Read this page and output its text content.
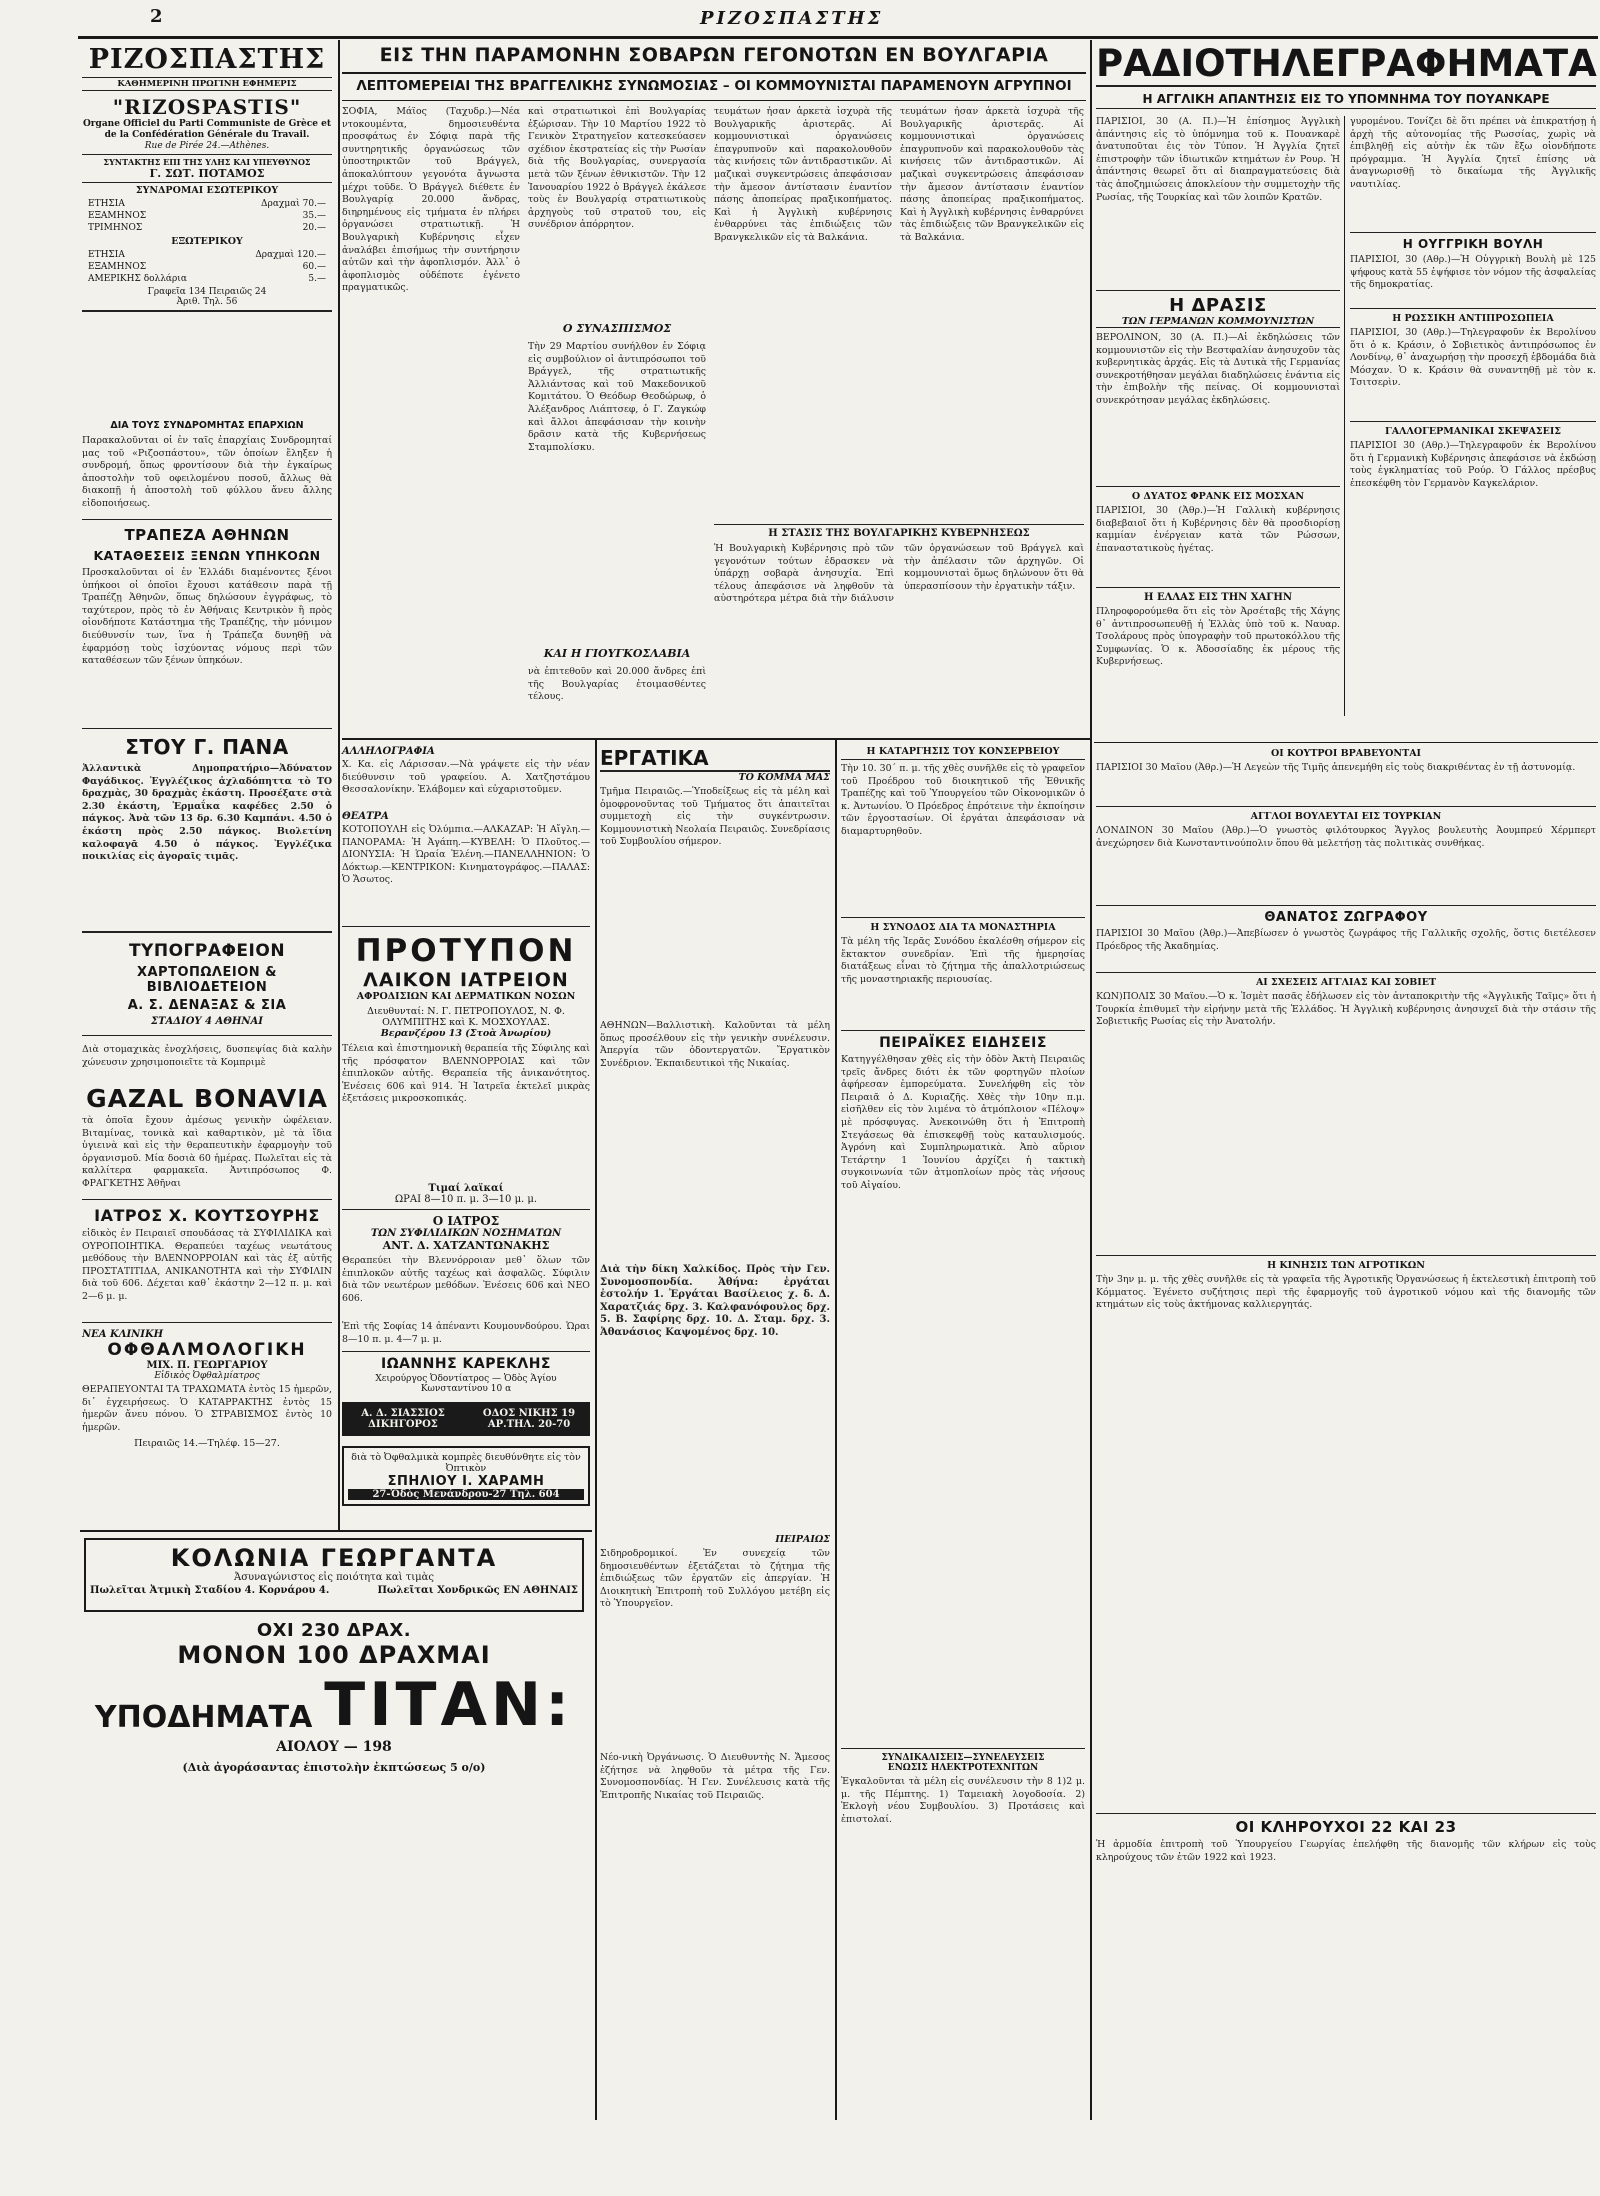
2	ΡΙΖΟΣΠΑΣΤΗΣ
ΡΙΖΟΣΠΑΣΤΗΣ
ΚΑΘΗΜΕΡΙΝΗ ΠΡΩΓΙΝΗ ΕΦΗΜΕΡΙΣ
"RIZOSPASTIS"
Organe Officiel du Parti Communiste de Grèce et de la Confédération Générale du Travail.
Rue de Pirée 24.—Athènes.
ΣΥΝΤΑΚΤΗΣ ΕΠΙ ΤΗΣ ΥΛΗΣ ΚΑΙ ΥΠΕΥΘΥΝΟΣ
Γ. ΣΩΤ. ΠΟΤΑΜΟΣ
ΣΥΝΔΡΟΜΑΙ ΕΣΩΤΕΡΙΚΟΥ
ΕΤΗΣΙΑ	Δραχμαὶ 70.—
ΕΞΑΜΗΝΟΣ	35.—
ΤΡΙΜΗΝΟΣ	20.—
ΕΞΩΤΕΡΙΚΟΥ
ΕΤΗΣΙΑ	Δραχμαὶ 120.—
ΕΞΑΜΗΝΟΣ	60.—
ΑΜΕΡΙΚΗΣ δολλάρια	5.—
Γραφεῖα 134 Πειραιῶς 24
Ἀριθ. Τηλ. 56
ΔΙΑ ΤΟΥΣ ΣΥΝΔΡΟΜΗΤΑΣ ΕΠΑΡΧΙΩΝ
Παρακαλοῦνται οἱ ἐν ταῖς ἐπαρχίαις Συνδρομηταί μας τοῦ «Ριζοσπάστου», τῶν ὁποίων ἔληξεν ἡ συνδρομή, ὅπως φροντίσουν διὰ τὴν ἐγκαίρως ἀποστολὴν τοῦ οφειλομένου ποσοῦ, ἄλλως θὰ διακοπῇ ἡ ἀποστολὴ τοῦ φύλλου ἄνευ ἄλλης εἰδοποιήσεως.
ΤΡΑΠΕΖΑ ΑΘΗΝΩΝ
ΚΑΤΑΘΕΣΕΙΣ ΞΕΝΩΝ ΥΠΗΚΟΩΝ
Προσκαλοῦνται οἱ ἐν Ἑλλάδι διαμένοντες ξένοι ὑπήκοοι οἱ ὁποῖοι ἔχουσι κατάθεσιν παρὰ τῇ Τραπέζῃ Ἀθηνῶν, ὅπως δηλώσουν ἐγγράφως, τὸ ταχύτερον, πρὸς τὸ ἐν Ἀθήναις Κεντρικὸν ἢ πρὸς οἱονδήποτε Κατάστημα τῆς Τραπέζης, τὴν μόνιμον διεύθυνσίν των, ἵνα ἡ Τράπεζα δυνηθῇ νὰ ἐφαρμόσῃ τοὺς ἰσχύοντας νόμους περὶ τῶν καταθέσεων τῶν ξένων ὑπηκόων.
ΣΤΟΥ Γ. ΠΑΝΑ
Ἀλλαντικὰ Δημοπρατήριο—Ἀδύνατον Φαγάδικος. Ἐγγλέζικος ἀχλαδόπηττα τὸ ΤΟ δραχμὰς, 30 δραχμὰς ἑκάστη. Προσέξατε στὰ 2.30 ἐκάστη, Ἑρμαΐκα καφέδες 2.50 ὁ πάγκος. Ἀνὰ τῶν 13 δρ. 6.30 Καμπάνι. 4.50 ὁ ἑκάστη πρὸς 2.50 πάγκος. Βιολετίνη καλοφαγᾶ 4.50 ὁ πάγκος. Ἐγγλέζικα ποικιλίας εἰς ἀγοραῖς τιμᾶς.
ΤΥΠΟΓΡΑΦΕΙΟΝ
ΧΑΡΤΟΠΩΛΕΙΟΝ & ΒΙΒΛΙΟΔΕΤΕΙΟΝ
Α. Σ. ΔΕΝΑΞΑΣ & ΣΙΑ
ΣΤΑΔΙΟΥ 4 ΑΘΗΝΑΙ
Διὰ στομαχικὰς ἐνοχλήσεις, δυσπεψίας διὰ καλὴν χώνευσιν χρησιμοποιεῖτε τὰ Κομπριμὲ
GAZAL BONAVIA
τὰ ὁποῖα ἔχουν ἀμέσως γενικὴν ὠφέλειαν. Βιταμίνας, τονικὰ καὶ καθαρτικὸν, μὲ τὰ ἴδια ὑγιεινὰ καὶ εἰς τὴν θεραπευτικὴν ἐφαρμογὴν τοῦ ὀργανισμοῦ. Μία δοσιὰ 60 ἡμέρας. Πωλεῖται εἰς τὰ καλλίτερα φαρμακεῖα. Ἀντιπρόσωπος Φ. ΦΡΑΓΚΕΤΗΣ Ἀθῆναι
ΙΑΤΡΟΣ Χ. ΚΟΥΤΣΟΥΡΗΣ
εἰδικὸς ἐν Πειραιεῖ σπουδάσας τὰ ΣΥΦΙΛΙΔΙΚΑ καὶ ΟΥΡΟΠΟΙΗΤΙΚΑ. Θεραπεύει ταχέως νεωτάτους μεθόδους τὴν ΒΛΕΝΝΟΡΡΟΙΑΝ καὶ τὰς ἐξ αὐτῆς ΠΡΟΣΤΑΤΙΤΙΔΑ, ΑΝΙΚΑΝΟΤΗΤΑ καὶ τὴν ΣΥΦΙΛΙΝ διὰ τοῦ 606. Δέχεται καθ᾽ ἑκάστην 2—12 π. μ. καὶ 2—6 μ. μ.
ΝΕΑ ΚΛΙΝΙΚΗ
ΟΦΘΑΛΜΟΛΟΓΙΚΗ
ΜΙΧ. Π. ΓΕΩΡΓΑΡΙΟΥ
Εἰδικὸς Ὀφθαλμίατρος
ΘΕΡΑΠΕΥΟΝΤΑΙ ΤΑ ΤΡΑΧΩΜΑΤΑ ἐντὸς 15 ἡμερῶν, δι᾽ ἐγχειρήσεως. Ὁ ΚΑΤΑΡΡΑΚΤΗΣ ἐντὸς 15 ἡμερῶν ἄνευ πόνου. Ὁ ΣΤΡΑΒΙΣΜΟΣ ἐντὸς 10 ἡμερῶν.
Πειραιῶς 14.—Τηλέφ. 15—27.
ΕΙΣ ΤΗΝ ΠΑΡΑΜΟΝΗΝ ΣΟΒΑΡΩΝ ΓΕΓΟΝΟΤΩΝ ΕΝ ΒΟΥΛΓΑΡΙΑ
ΛΕΠΤΟΜΕΡΕΙΑΙ ΤΗΣ ΒΡΑΓΓΕΛΙΚΗΣ ΣΥΝΩΜΟΣΙΑΣ – ΟΙ ΚΟΜΜΟΥΝΙΣΤΑΙ ΠΑΡΑΜΕΝΟΥΝ ΑΓΡΥΠΝΟΙ
ΣΟΦΙΑ, Μάϊος (Ταχυδρ.)—Νέα ντοκουμέντα, δημοσιευθέντα προσφάτως ἐν Σόφιᾳ παρὰ τῆς συντηρητικῆς ὀργανώσεως τῶν ὑποστηρικτῶν τοῦ Βράγγελ, ἀποκαλύπτουν γεγονότα ἄγνωστα μέχρι τοῦδε. Ὁ Βράγγελ διέθετε ἐν Βουλγαρίᾳ 20.000 ἄνδρας, διηρημένους εἰς τμήματα ἐν πλήρει ὀργανώσει στρατιωτικῇ. Ἡ Βουλγαρικὴ Κυβέρνησις εἶχεν ἀναλάβει ἐπισήμως τὴν συντήρησιν αὐτῶν καὶ τὴν ἀφοπλισμόν. Ἀλλ᾽ ὁ ἀφοπλισμὸς οὐδέποτε ἐγένετο πραγματικῶς.
καὶ στρατιωτικοὶ ἐπὶ Βουλγαρίας ἐξώρισαν. Τὴν 10 Μαρτίου 1922 τὸ Γενικὸν Στρατηγεῖον κατεσκεύασεν σχέδιον ἐκστρατείας εἰς τὴν Ρωσίαν διὰ τῆς Βουλγαρίας, συνεργασία μετὰ τῶν ξένων ἐθνικιστῶν. Τὴν 12 Ἰανουαρίου 1922 ὁ Βράγγελ ἐκάλεσε τοὺς ἐν Βουλγαρίᾳ στρατιωτικοὺς ἀρχηγοὺς τοῦ στρατοῦ του, εἰς συνέδριον ἀπόρρητον.
Ο ΣΥΝΑΣΠΙΣΜΟΣ
Τὴν 29 Μαρτίου συνήλθον ἐν Σόφιᾳ εἰς συμβούλιον οἱ ἀντιπρόσωποι τοῦ Βράγγελ, τῆς στρατιωτικῆς Ἀλλιάντσας καὶ τοῦ Μακεδονικοῦ Κομιτάτου. Ὁ Θεόδωρ Θεοδώρωφ, ὁ Ἀλέξανδρος Λιάπτσεφ, ὁ Γ. Ζαγκώφ καὶ ἄλλοι ἀπεφάσισαν τὴν κοινὴν δρᾶσιν κατὰ τῆς Κυβερνήσεως Σταμπολίσκυ.
ΚΑΙ Η ΓΙΟΥΓΚΟΣΛΑΒΙΑ
νὰ ἐπιτεθοῦν καὶ 20.000 ἄνδρες ἐπὶ τῆς Βουλγαρίας ἐτοιμασθέντες τέλους.
τευμάτων ἦσαν ἀρκετὰ ἰσχυρὰ τῆς Βουλγαρικῆς ἀριστερᾶς. Αἱ κομμουνιστικαὶ ὀργανώσεις ἐπαγρυπνοῦν καὶ παρακολουθοῦν τὰς κινήσεις τῶν ἀντιδραστικῶν. Αἱ μαζικαὶ συγκεντρώσεις ἀπεφάσισαν τὴν ἄμεσον ἀντίστασιν ἐναντίον πάσης ἀποπείρας πραξικοπήματος. Καὶ ἡ Ἀγγλικὴ κυβέρνησις ἐνθαρρύνει τὰς ἐπιδιώξεις τῶν Βρανγκελικῶν εἰς τὰ Βαλκάνια.
τευμάτων ἦσαν ἀρκετὰ ἰσχυρὰ τῆς Βουλγαρικῆς ἀριστερᾶς. Αἱ κομμουνιστικαὶ ὀργανώσεις ἐπαγρυπνοῦν καὶ παρακολουθοῦν τὰς κινήσεις τῶν ἀντιδραστικῶν. Αἱ μαζικαὶ συγκεντρώσεις ἀπεφάσισαν τὴν ἄμεσον ἀντίστασιν ἐναντίον πάσης ἀποπείρας πραξικοπήματος. Καὶ ἡ Ἀγγλικὴ κυβέρνησις ἐνθαρρύνει τὰς ἐπιδιώξεις τῶν Βρανγκελικῶν εἰς τὰ Βαλκάνια.
Η ΣΤΑΣΙΣ ΤΗΣ ΒΟΥΛΓΑΡΙΚΗΣ ΚΥΒΕΡΝΗΣΕΩΣ
Ἡ Βουλγαρικὴ Κυβέρνησις πρὸ τῶν γεγονότων τούτων ἐδρασκεν νὰ ὑπάρχῃ σοβαρὰ ἀνησυχία. Ἐπὶ τέλους ἀπεφάσισε νὰ ληφθοῦν τὰ αὐστηρότερα μέτρα διὰ τὴν διάλυσιν τῶν ὀργανώσεων τοῦ Βράγγελ καὶ τὴν ἀπέλασιν τῶν ἀρχηγῶν. Οἱ κομμουνισταὶ ὅμως δηλώνουν ὅτι θὰ ὑπερασπίσουν τὴν ἐργατικὴν τάξιν.
ΡΑΔΙΟΤΗΛΕΓΡΑΦΗΜΑΤΑ
Η ΑΓΓΛΙΚΗ ΑΠΑΝΤΗΣΙΣ ΕΙΣ ΤΟ ΥΠΟΜΝΗΜΑ ΤΟΥ ΠΟΥΑΝΚΑΡΕ
ΠΑΡΙΣΙΟΙ, 30 (Α. Π.)—Ἡ ἐπίσημος Ἀγγλικὴ ἀπάντησις εἰς τὸ ὑπόμνημα τοῦ κ. Πουανκαρὲ ἀνατυποῦται ἐις τὸν Τύπον. Ἡ Ἀγγλία ζητεῖ ἐπιστροφὴν τῶν ἰδιωτικῶν κτημάτων ἐν Ρουρ. Ἡ ἀπάντησις θεωρεῖ ὅτι αἱ διαπραγματεύσεις διὰ τὰς ἀποζημιώσεις ἀποκλείουν τὴν συμμετοχὴν τῆς Ρωσίας, τῆς Τουρκίας καὶ τῶν λοιπῶν Κρατῶν.
Η ΔΡΑΣΙΣ
ΤΩΝ ΓΕΡΜΑΝΩΝ ΚΟΜΜΟΥΝΙΣΤΩΝ
ΒΕΡΟΛΙΝΟΝ, 30 (Α. Π.)—Αἱ ἐκδηλώσεις τῶν κομμουνιστῶν εἰς τὴν Βεστφαλίαν ἀνησυχοῦν τὰς κυβερνητικὰς ἀρχάς. Εἰς τὰ Δυτικὰ τῆς Γερμανίας συνεκροτήθησαν μεγάλαι διαδηλώσεις ἐνάντια εἰς τὴν ἐπιβολὴν τῆς πείνας. Οἱ κομμουνισταὶ συνεκρότησαν μεγάλας ἐκδηλώσεις.
Ο ΔΥΑΤΟΣ ΦΡΑΝΚ ΕΙΣ ΜΟΣΧΑΝ
ΠΑΡΙΣΙΟΙ, 30 (Ἀθρ.)—Ἡ Γαλλικὴ κυβέρνησις διαβεβαιοῖ ὅτι ἡ Κυβέρνησις δὲν θὰ προσδιορίσῃ καμμίαν ἐνέργειαν κατὰ τῶν Ρώσσων, ἐπαναστατικοὺς ἡγέτας.
Η ΕΛΛΑΣ ΕΙΣ ΤΗΝ ΧΑΓΗΝ
Πληροφορούμεθα ὅτι εἰς τὸν Ἀρσέταβς τῆς Χάγης θ᾽ ἀντιπροσωπευθῇ ἡ Ἑλλὰς ὑπὸ τοῦ κ. Ναυαρ. Τσολάρους πρὸς ὑπογραφὴν τοῦ πρωτοκόλλου τῆς Συμφωνίας. Ὁ κ. Ἀδοσσίαδης ἐκ μέρους τῆς Κυβερνήσεως.
γυρομένου. Τονίζει δὲ ὅτι πρέπει νὰ ἐπικρατήσῃ ἡ ἀρχὴ τῆς αὐτονομίας τῆς Ρωσσίας, χωρὶς νὰ ἐπιβληθῇ εἰς αὐτὴν ἐκ τῶν ἔξω οἱονδήποτε πρόγραμμα. Ἡ Ἀγγλία ζητεῖ ἐπίσης νὰ ἀναγνωρισθῇ τὸ δικαίωμα τῆς Ἀγγλικῆς ναυτιλίας.
Η ΟΥΓΓΡΙΚΗ ΒΟΥΛΗ
ΠΑΡΙΣΙΟΙ, 30 (Αθρ.)—Ἡ Οὐγγρικὴ Βουλὴ μὲ 125 ψήφους κατὰ 55 ἐψήφισε τὸν νόμον τῆς ἀσφαλείας τῆς δημοκρατίας.
Η ΡΩΣΣΙΚΗ ΑΝΤΙΠΡΟΣΩΠΕΙΑ
ΠΑΡΙΣΙΟΙ, 30 (Αθρ.)—Τηλεγραφοῦν ἐκ Βερολίνου ὅτι ὁ κ. Κράσιν, ὁ Σοβιετικὸς ἀντιπρόσωπος ἐν Λονδίνῳ, θ᾽ ἀναχωρήσῃ τὴν προσεχῆ ἑβδομάδα διὰ Μόσχαν. Ὁ κ. Κράσιν θὰ συναντηθῇ μὲ τὸν κ. Τσιτσερὶν.
ΓΑΛΛΟΓΕΡΜΑΝΙΚΑΙ ΣΚΕΨΑΣΕΙΣ
ΠΑΡΙΣΙΟΙ 30 (Αθρ.)—Τηλεγραφοῦν ἐκ Βερολίνου ὅτι ἡ Γερμανικὴ Κυβέρνησις ἀπεφάσισε νὰ ἐκδώσῃ τοὺς ἐγκληματίας τοῦ Ρούρ. Ὁ Γάλλος πρέσβυς ἐπεσκέφθη τὸν Γερμανὸν Καγκελάριον.
ΟΙ ΚΟΥΤΡΟΙ ΒΡΑΒΕΥΟΝΤΑΙ
ΠΑΡΙΣΙΟΙ 30 Μαΐου (Ἀθρ.)—Ἡ Λεγεὼν τῆς Τιμῆς ἀπενεμήθη εἰς τοὺς διακριθέντας ἐν τῇ ἀστυνομίᾳ.
ΑΓΓΛΟΙ ΒΟΥΛΕΥΤΑΙ ΕΙΣ ΤΟΥΡΚΙΑΝ
ΛΟΝΔΙΝΟΝ 30 Μαΐου (Ἀθρ.)—Ὁ γνωστὸς φιλότουρκος Ἄγγλος βουλευτὴς Ἀουμπρεύ Χέρμπερτ ἀνεχώρησεν διὰ Κωνσταντινούπολιν ὅπου θὰ μελετήσῃ τὰς πολιτικὰς συνθήκας.
ΘΑΝΑΤΟΣ ΖΩΓΡΑΦΟΥ
ΠΑΡΙΣΙΟΙ 30 Μαΐου (Ἀθρ.)—Ἀπεβίωσεν ὁ γνωστὸς ζωγράφος τῆς Γαλλικῆς σχολῆς, ὅστις διετέλεσεν Πρόεδρος τῆς Ἀκαδημίας.
ΑΙ ΣΧΕΣΕΙΣ ΑΓΓΛΙΑΣ ΚΑΙ ΣΟΒΙΕΤ
ΚΩΝ)ΠΟΛΙΣ 30 Μαΐου.—Ὁ κ. Ἰσμὲτ πασᾶς ἐδήλωσεν εἰς τὸν ἀνταποκριτὴν τῆς «Ἀγγλικῆς Ταϊμς» ὅτι ἡ Τουρκία ἐπιθυμεῖ τὴν εἰρήνην μετὰ τῆς Ἑλλάδος. Ἡ Ἀγγλικὴ κυβέρνησις ἀνησυχεῖ διὰ τὴν στάσιν τῆς Σοβιετικῆς Ρωσίας εἰς τὴν Ἀνατολήν.
Η ΚΙΝΗΣΙΣ ΤΩΝ ΑΓΡΟΤΙΚΩΝ
Τὴν 3ην μ. μ. τῆς χθὲς συνῆλθε εἰς τὰ γραφεῖα τῆς Ἀγροτικῆς Ὀργανώσεως ἡ ἐκτελεστικὴ ἐπιτροπὴ τοῦ Κόμματος. Ἐγένετο συζήτησις περὶ τῆς ἐφαρμογῆς τοῦ ἀγροτικοῦ νόμου καὶ τῆς διανομῆς τῶν κτημάτων εἰς τοὺς ἀκτήμονας καλλιεργητάς.
ΟΙ ΚΛΗΡΟΥΧΟΙ 22 ΚΑΙ 23
Ἡ ἀρμοδία ἐπιτροπὴ τοῦ Ὑπουργείου Γεωργίας ἐπελήφθη τῆς διανομῆς τῶν κλήρων εἰς τοὺς κληρούχους τῶν ἐτῶν 1922 καὶ 1923.
ΑΛΛΗΛΟΓΡΑΦΙΑ
Χ. Κα. εἰς Λάρισσαν.—Νὰ γράψετε εἰς τὴν νέαν διεύθυνσιν τοῦ γραφείου. Α. Χατζηστάμου Θεσσαλονίκην. Ἐλάβομεν καὶ εὐχαριστοῦμεν.
ΘΕΑΤΡΑ
ΚΟΤΟΠΟΥΛΗ εἰς Ὀλύμπια.—ΑΛΚΑΖΑΡ: Ἡ Αἴγλη.—ΠΑΝΟΡΑΜΑ: Ἡ Ἀγάπη.—ΚΥΒΕΛΗ: Ὁ Πλοῦτος.—ΔΙΟΝΥΣΙΑ: Ἡ Ὡραία Ἑλένη.—ΠΑΝΕΛΛΗΝΙΟΝ: Ὁ Δόκτωρ.—ΚΕΝΤΡΙΚΟΝ: Κινηματογράφος.—ΠΑΛΑΣ: Ὁ Ἄσωτος.
ΠΡΟΤΥΠΟΝ
ΛΑΙΚΟΝ ΙΑΤΡΕΙΟΝ
ΑΦΡΟΔΙΣΙΩΝ ΚΑΙ ΔΕΡΜΑΤΙΚΩΝ ΝΟΣΩΝ
Διευθυνταί: Ν. Γ. ΠΕΤΡΟΠΟΥΛΟΣ, Ν. Φ. ΟΛΥΜΠΙΤΗΣ καὶ Κ. ΜΟΣΧΟΥΛΑΣ.
Βερανζέρου 13 (Στοὰ Ἀνωρίου)
Τέλεια καὶ ἐπιστημονικὴ θεραπεία τῆς Σύφιλης καὶ τῆς πρόσφατον ΒΛΕΝΝΟΡΡΟΙΑΣ καὶ τῶν ἐπιπλοκῶν αὐτῆς. Θεραπεία τῆς ἀνικανότητος. Ἐνέσεις 606 καὶ 914. Ἡ Ἰατρεῖα ἐκτελεῖ μικρὰς ἐξετάσεις μικροσκοπικάς.
Τιμαί λαϊκαί
ΩΡΑΙ 8—10 π. μ. 3—10 μ. μ.
Ο ΙΑΤΡΟΣ
ΤΩΝ ΣΥΦΙΛΙΔΙΚΩΝ ΝΟΣΗΜΑΤΩΝ
ΑΝΤ. Δ. ΧΑΤΖΑΝΤΩΝΑΚΗΣ
Θεραπεύει τὴν Βλεννόρροιαν μεθ᾽ ὅλων τῶν ἐπιπλοκῶν αὐτῆς ταχέως καὶ ἀσφαλῶς. Σύφιλιν διὰ τῶν νεωτέρων μεθόδων. Ἐνέσεις 606 καὶ ΝΕΟ 606.
Ἐπὶ τῆς Σοφίας 14 ἀπέναντι Κουμουνδούρου. Ὧραι 8—10 π. μ. 4—7 μ. μ.
ΙΩΑΝΝΗΣ ΚΑΡΕΚΛΗΣ
Χειρούργος Ὀδοντίατρος — Ὁδὸς Ἁγίου Κωνσταντίνου 10 α
Α. Δ. ΣΙΑΣΣΙΟΣ ΔΙΚΗΓΟΡΟΣ
ΟΔΟΣ ΝΙΚΗΣ 19 ΑΡ.ΤΗΛ. 20-70
διὰ τὸ Ὀφθαλμικὰ κομπρὲς διευθύνθητε εἰς τὸν Ὀπτικὸν
ΣΠΗΛΙΟΥ Ι. ΧΑΡΑΜΗ
27-Ὁδὸς Μενάνδρου-27 Τηλ. 604
ΕΡΓΑΤΙΚΑ
ΤΟ ΚΟΜΜΑ ΜΑΣ
Τμῆμα Πειραιῶς.—Ὑποδείξεως εἰς τὰ μέλη καὶ ὁμοφρονοῦντας τοῦ Τμήματος ὅτι ἀπαιτεῖται συμμετοχὴ εἰς τὴν συγκέντρωσιν. Κομμουνιστικὴ Νεολαία Πειραιῶς. Συνεδρίασις τοῦ Συμβουλίου σήμερον.
ΑΘΗΝΩΝ—Βαλλιστικὴ. Καλοῦνται τὰ μέλη ὅπως προσέλθουν εἰς τὴν γενικὴν συνέλευσιν. Ἀπεργία τῶν ὀδοντεργατῶν. Ἔργατικὸν Συνέδριον. Ἐκπαιδευτικοὶ τῆς Νικαίας.
Διὰ τὴν δίκη Χαλκίδος. Πρὸς τὴν Γεν. Συνομοσπονδία. Ἀθήνα: ἐργάται ἐστολήν 1. Ἐργάται Βασίλειος χ. δ. Δ. Χαρατζιάς δρχ. 3. Καλφανόφουλος δρχ. 5. Β. Σαφίρης δρχ. 10. Δ. Σταμ. δρχ. 3. Ἀθανάσιος Καψομένος δρχ. 10.
ΠΕΙΡΑΙΩΣ
Σιδηροδρομικοί. Ἐν συνεχείᾳ τῶν δημοσιευθέντων ἐξετάζεται τὸ ζήτημα τῆς ἐπιδιώξεως τῶν ἐργατῶν εἰς ἀπεργίαν. Ἡ Διοικητικὴ Ἐπιτροπὴ τοῦ Συλλόγου μετέβη εἰς τὸ Ὑπουργεῖον.
Νέο-νικὴ Ὀργάνωσις. Ὁ Διευθυντὴς Ν. Ἄμεσος ἐζήτησε νὰ ληφθοῦν τὰ μέτρα τῆς Γεν. Συνομοσπονδίας. Ἡ Γεν. Συνέλευσις κατὰ τῆς Ἐπιτροπῆς Νικαίας τοῦ Πειραιῶς.
Η ΚΑΤΑΡΓΗΣΙΣ ΤΟΥ ΚΟΝΣΕΡΒΕΙΟΥ
Τὴν 10. 30΄ π. μ. τῆς χθὲς συνῆλθε εἰς τὸ γραφεῖον τοῦ Προέδρου τοῦ διοικητικοῦ τῆς Ἐθνικῆς Τραπέζης καὶ τοῦ Ὑπουργείου τῶν Οἰκονομικῶν ὁ κ. Ἀντωνίου. Ὁ Πρόεδρος ἐπρότεινε τὴν ἐκποίησιν τῶν ἐργοστασίων. Οἱ ἐργάται ἀπεφάσισαν νὰ διαμαρτυρηθοῦν.
Η ΣΥΝΟΔΟΣ ΔΙΑ ΤΑ ΜΟΝΑΣΤΗΡΙΑ
Τὰ μέλη τῆς Ἱερᾶς Συνόδου ἐκαλέσθη σήμερον εἰς ἔκτακτον συνεδρίαν. Ἐπὶ τῆς ἡμερησίας διατάξεως εἶναι τὸ ζήτημα τῆς ἀπαλλοτριώσεως τῆς μοναστηριακῆς περιουσίας.
ΠΕΙΡΑΪΚΕΣ ΕΙΔΗΣΕΙΣ
Κατηγγέλθησαν χθὲς εἰς τὴν ὁδὸν Ἀκτὴ Πειραιῶς τρεῖς ἄνδρες διότι ἐκ τῶν φορτηγῶν πλοίων ἀφήρεσαν ἐμπορεύματα. Συνελήφθη εἰς τὸν Πειραιᾶ ὁ Δ. Κυριαζῆς. Χθὲς τὴν 10ην π.μ. εἰσῆλθεν εἰς τὸν λιμένα τὸ ἀτμόπλοιον «Πέλοψ» μὲ πρόσφυγας. Ἀνεκοινώθη ὅτι ἡ Ἐπιτροπὴ Στεγάσεως θὰ ἐπισκεφθῇ τοὺς καταυλισμούς. Ἁγρόνη καὶ Συμπληρωματικὰ. Ἀπὸ αὔριον Τετάρτην 1 Ἰουνίου ἀρχίζει ἡ τακτικὴ συγκοινωνία τῶν ἀτμοπλοίων πρὸς τὰς νήσους τοῦ Αἰγαίου.
ΣΥΝΔΙΚΑΛΙΣΕΙΣ—ΣΥΝΕΛΕΥΣΕΙΣ
ΕΝΩΣΙΣ ΗΛΕΚΤΡΟΤΕΧΝΙΤΩΝ
Ἐγκαλοῦνται τὰ μέλη εἰς συνέλευσιν τὴν 8 1)2 μ. μ. τῆς Πέμπτης. 1) Ταμειακὴ λογοδοσία. 2) Ἐκλογὴ νέου Συμβουλίου. 3) Προτάσεις καὶ ἐπιστολαί.
ΚΟΛΩΝΙΑ ΓΕΩΡΓΑΝΤΑ
Ἀσυναγώνιστος εἰς ποιότητα καὶ τιμὰς
Πωλεῖται Ἀτμικὴ Σταδίου 4. Κορνάρου 4.	Πωλεῖται Χονδρικῶς ΕΝ ΑΘΗΝΑΙΣ
ΟΧΙ 230 ΔΡΑΧ.
ΜΟΝΟΝ 100 ΔΡΑΧΜΑΙ
ΥΠΟΔΗΜΑΤΑ ΤΙΤΑΝ:
ΑΙΟΛΟΥ — 198
(Διὰ ἀγοράσαντας ἐπιστολὴν ἐκπτώσεως 5 ο/ο)
